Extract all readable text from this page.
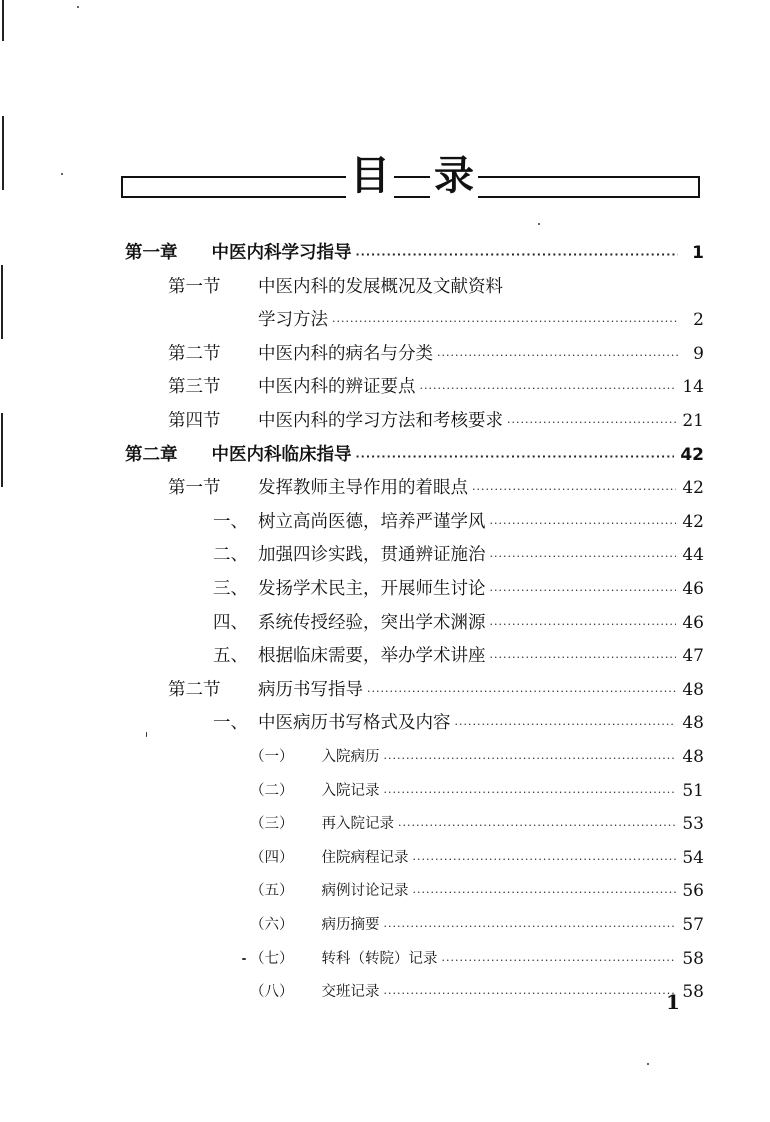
目 录
第一章 中医内科学习指导 ·····	1
第一节	中医内科的发展概况及文献资料
学习方法 ·····	2
第二节	中医内科的病名与分类 ·····	9
第三节	中医内科的辨证要点 ·····	14
第四节	中医内科的学习方法和考核要求 ·····	21
第二章 中医内科临床指导 ·····	42
第一节	发挥教师主导作用的着眼点 ·····	42
一、 树立高尚医德，培养严谨学风 ·····	42
二、 加强四诊实践，贯通辨证施治 ·····	44
三、 发扬学术民主，开展师生讨论 ·····	46
四、 系统传授经验，突出学术渊源 ·····	46
五、 根据临床需要，举办学术讲座 ·····	47
第二节	病历书写指导 ·····	48
一、 中医病历书写格式及内容 ·····	48
（一） 入院病历 ·····	48
（二） 入院记录 ·····	51
（三） 再入院记录 ·····	53
（四） 住院病程记录 ·····	54
（五） 病例讨论记录 ·····	56
（六） 病历摘要 ·····	57
（七） 转科（转院）记录 ·····	58
（八） 交班记录 ·····	58
1
